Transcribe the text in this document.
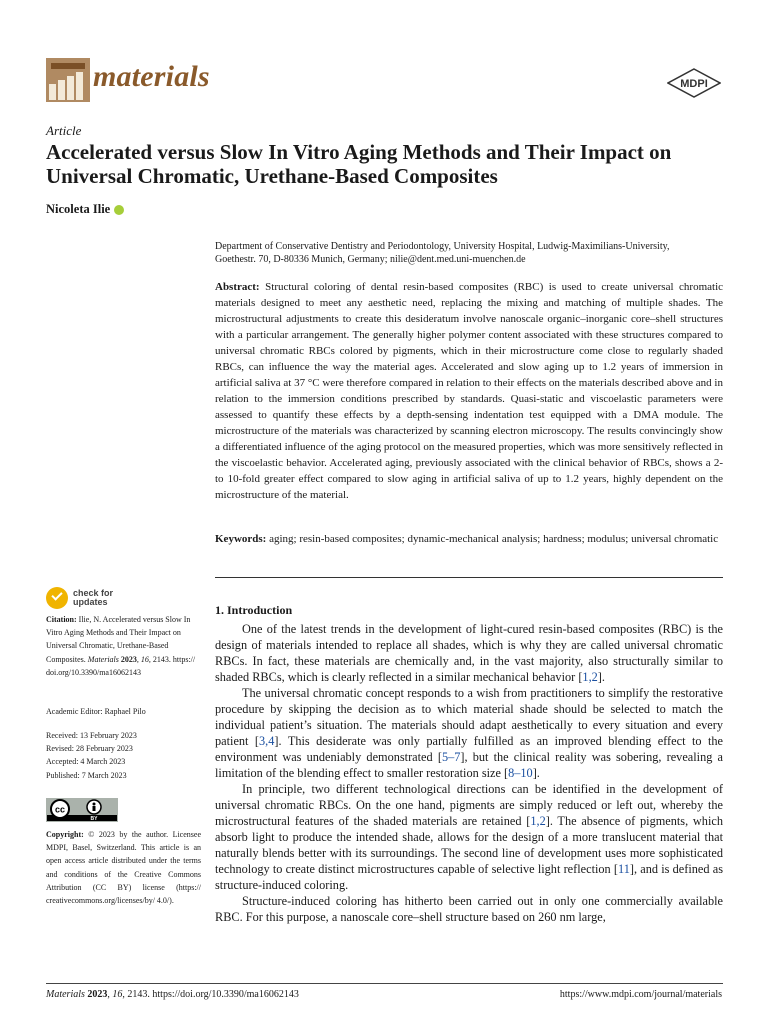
materials	MDPI
Article
Accelerated versus Slow In Vitro Aging Methods and Their Impact on Universal Chromatic, Urethane-Based Composites
Nicoleta Ilie
Department of Conservative Dentistry and Periodontology, University Hospital, Ludwig-Maximilians-University,
Goethestr. 70, D-80336 Munich, Germany; nilie@dent.med.uni-muenchen.de

Abstract: Structural coloring of dental resin-based composites (RBC) is used to create universal chromatic materials designed to meet any aesthetic need, replacing the mixing and matching of multiple shades. The microstructural adjustments to create this desideratum involve nanoscale organic–inorganic core–shell structures with a particular arrangement. The generally higher polymer content associated with these structures compared to universal chromatic RBCs colored by pigments, which in their microstructure come close to regularly shaded RBCs, can influence the way the material ages. Accelerated and slow aging up to 1.2 years of immersion in artificial saliva at 37 °C were therefore compared in relation to their effects on the materials described above and in relation to the immersion conditions prescribed by standards. Quasi-static and viscoelastic parameters were assessed to quantify these effects by a depth-sensing indentation test equipped with a DMA module. The microstructure of the materials was characterized by scanning electron microscopy. The results convincingly show a differentiated influence of the aging protocol on the measured properties, which was more sensitively reflected in the viscoelastic behavior. Accelerated aging, previously associated with the clinical behavior of RBCs, shows a 2- to 10-fold greater effect compared to slow aging in artificial saliva of up to 1.2 years, highly dependent on the microstructure of the material.

Keywords: aging; resin-based composites; dynamic-mechanical analysis; hardness; modulus; universal chromatic

check for
updates
Citation: Ilie, N. Accelerated versus Slow In Vitro Aging Methods and Their Impact on Universal Chromatic, Urethane-Based Composites. Materials 2023, 16, 2143. https:// doi.org/10.3390/ma16062143
Academic Editor: Raphael Pilo
Received: 13 February 2023
Revised: 28 February 2023
Accepted: 4 March 2023
Published: 7 March 2023
cc
BY
Copyright: © 2023 by the author. Licensee MDPI, Basel, Switzerland. This article is an open access article distributed under the terms and conditions of the Creative Commons Attribution (CC BY) license (https:// creativecommons.org/licenses/by/ 4.0/).
1. Introduction

One of the latest trends in the development of light-cured resin-based composites (RBC) is the design of materials intended to replace all shades, which is why they are called universal chromatic RBCs. In fact, these materials are chemically and, in the vast majority, also structurally similar to shaded RBCs, which is clearly reflected in a similar mechanical behavior [1,2].

The universal chromatic concept responds to a wish from practitioners to simplify the restorative procedure by skipping the decision as to which material shade should be selected to match the individual patient’s situation. The materials should adapt aesthetically to every situation and every patient [3,4]. This desiderate was only partially fulfilled as an improved blending effect to the environment was undeniably demonstrated [5–7], but the clinical reality was sobering, revealing a limitation of the blending effect to smaller restoration size [8–10].

In principle, two different technological directions can be identified in the development of universal chromatic RBCs. On the one hand, pigments are simply reduced or left out, whereby the microstructural features of the shaded materials are retained [1,2]. The absence of pigments, which absorb light to produce the intended shade, allows for the design of a more translucent material that naturally blends better with its surroundings. The second line of development uses more sophisticated technology to create distinct microstructures capable of selective light reflection [11], and is defined as structure-induced coloring.

Structure-induced coloring has hitherto been carried out in only one commercially available RBC. For this purpose, a nanoscale core–shell structure based on 260 nm large,

Materials 2023, 16, 2143. https://doi.org/10.3390/ma16062143	https://www.mdpi.com/journal/materials
